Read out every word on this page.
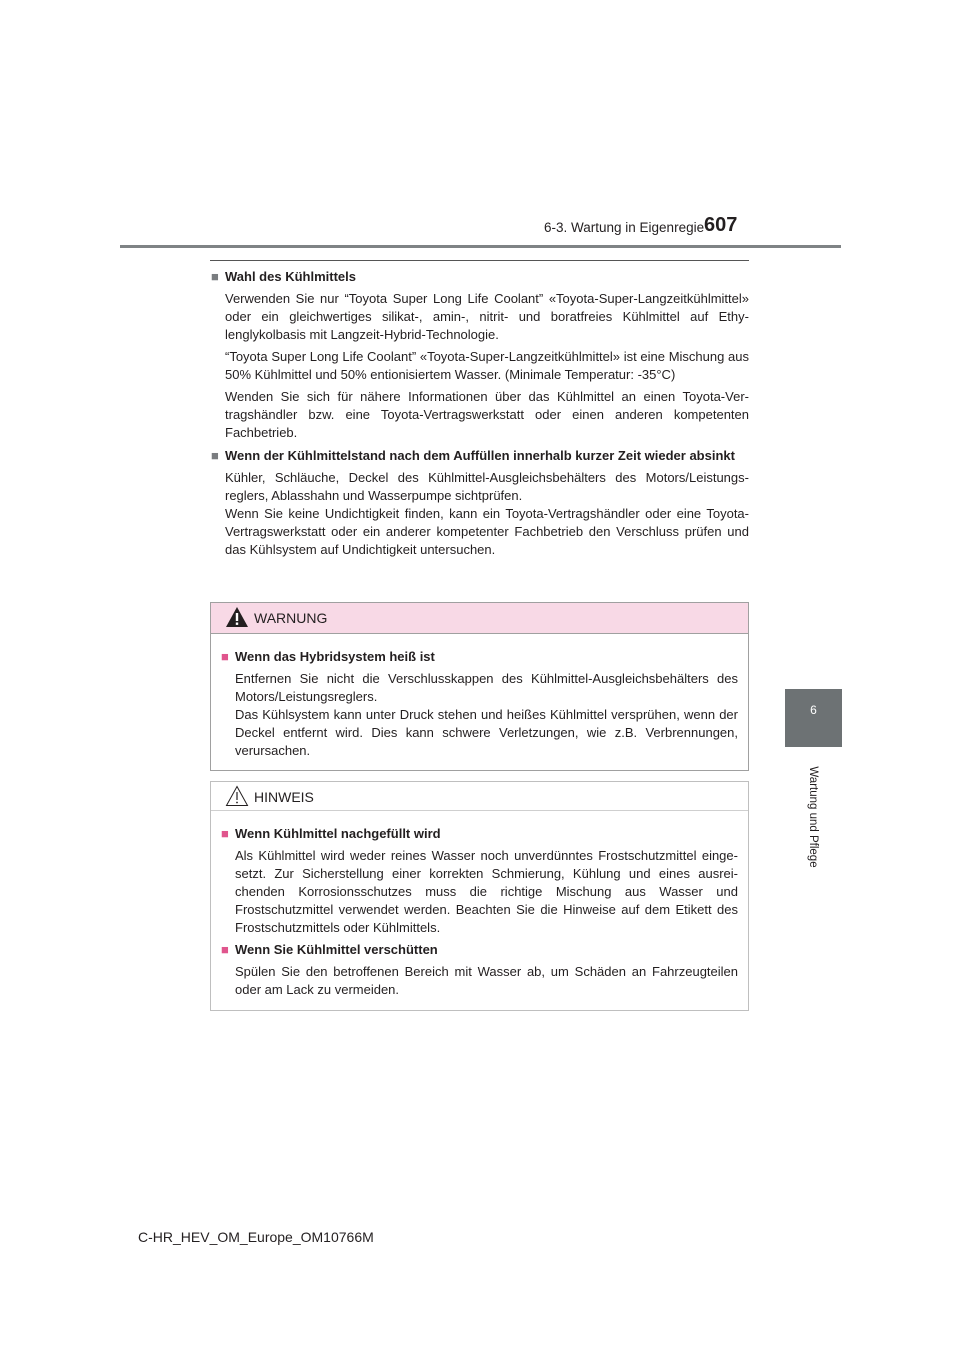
6-3. Wartung in Eigenregie 607
6
Wartung und Pflege

■ Wahl des Kühlmittels

Verwenden Sie nur “Toyota Super Long Life Coolant” «Toyota-Super-Langzeitkühlmittel» oder ein gleichwertiges silikat-, amin-, nitrit- und boratfreies Kühlmittel auf Ethylenglykolbasis mit Langzeit-Hybrid-Technologie.

“Toyota Super Long Life Coolant” «Toyota-Super-Langzeitkühlmittel» ist eine Mischung aus 50% Kühlmittel und 50% entionisiertem Wasser. (Minimale Temperatur: -35°C)

Wenden Sie sich für nähere Informationen über das Kühlmittel an einen Toyota-Vertragshändler bzw. eine Toyota-Vertragswerkstatt oder einen anderen kompetenten Fachbetrieb.

■ Wenn der Kühlmittelstand nach dem Auffüllen innerhalb kurzer Zeit wieder absinkt

Kühler, Schläuche, Deckel des Kühlmittel-Ausgleichsbehälters des Motors/Leistungsreglers, Ablasshahn und Wasserpumpe sichtprüfen.
Wenn Sie keine Undichtigkeit finden, kann ein Toyota-Vertragshändler oder eine Toyota-Vertragswerkstatt oder ein anderer kompetenter Fachbetrieb den Verschluss prüfen und das Kühlsystem auf Undichtigkeit untersuchen.

WARNUNG

■ Wenn das Hybridsystem heiß ist

Entfernen Sie nicht die Verschlusskappen des Kühlmittel-Ausgleichsbehälters des Motors/Leistungsreglers.
Das Kühlsystem kann unter Druck stehen und heißes Kühlmittel versprühen, wenn der Deckel entfernt wird. Dies kann schwere Verletzungen, wie z.B. Verbrennungen, verursachen.

HINWEIS

■ Wenn Kühlmittel nachgefüllt wird

Als Kühlmittel wird weder reines Wasser noch unverdünntes Frostschutzmittel eingesetzt. Zur Sicherstellung einer korrekten Schmierung, Kühlung und eines ausreichenden Korrosionsschutzes muss die richtige Mischung aus Wasser und Frostschutzmittel verwendet werden. Beachten Sie die Hinweise auf dem Etikett des Frostschutzmittels oder Kühlmittels.

■ Wenn Sie Kühlmittel verschütten

Spülen Sie den betroffenen Bereich mit Wasser ab, um Schäden an Fahrzeugteilen oder am Lack zu vermeiden.

C-HR_HEV_OM_Europe_OM10766M
